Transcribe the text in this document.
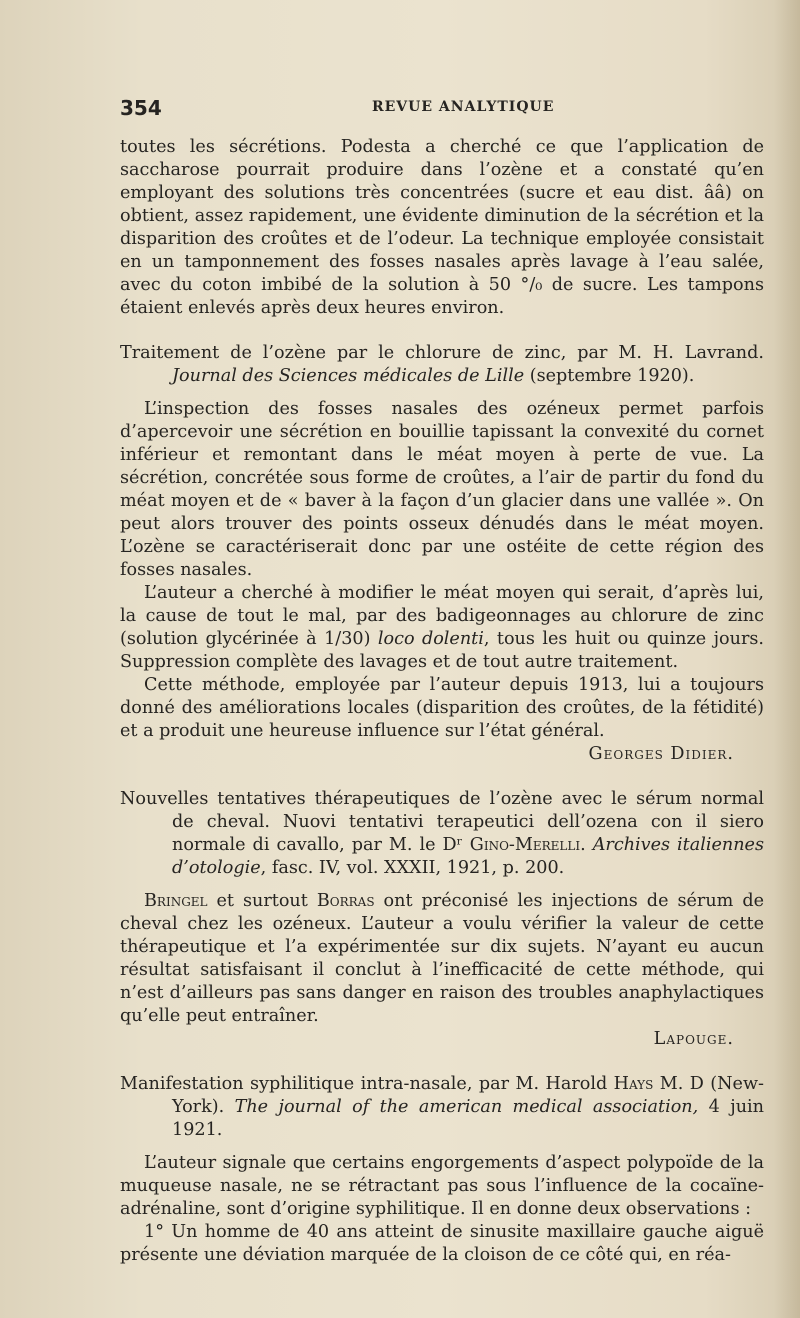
354	REVUE ANALYTIQUE

toutes les sécrétions. Podesta a cherché ce que l’application de saccharose pourrait produire dans l’ozène et a constaté qu’en employant des solutions très concentrées (sucre et eau dist. ââ) on obtient, assez rapidement, une évidente diminution de la sécrétion et la disparition des croûtes et de l’odeur. La technique employée consistait en un tamponnement des fosses nasales après lavage à l’eau salée, avec du coton imbibé de la solution à 50 °/₀ de sucre. Les tampons étaient enlevés après deux heures environ.

Traitement de l’ozène par le chlorure de zinc, par M. H. Lavrand. Journal des Sciences médicales de Lille (septembre 1920).

L’inspection des fosses nasales des ozéneux permet parfois d’apercevoir une sécrétion en bouillie tapissant la convexité du cornet inférieur et remontant dans le méat moyen à perte de vue. La sécrétion, concrétée sous forme de croûtes, a l’air de partir du fond du méat moyen et de « baver à la façon d’un glacier dans une vallée ». On peut alors trouver des points osseux dénudés dans le méat moyen. L’ozène se caractériserait donc par une ostéite de cette région des fosses nasales.

L’auteur a cherché à modifier le méat moyen qui serait, d’après lui, la cause de tout le mal, par des badigeonnages au chlorure de zinc (solution glycérinée à 1/30) loco dolenti, tous les huit ou quinze jours. Suppression complète des lavages et de tout autre traitement.

Cette méthode, employée par l’auteur depuis 1913, lui a toujours donné des améliorations locales (disparition des croûtes, de la fétidité) et a produit une heureuse influence sur l’état général.

Georges Didier.

Nouvelles tentatives thérapeutiques de l’ozène avec le sérum normal de cheval. Nuovi tentativi terapeutici dell’ozena con il siero normale di cavallo, par M. le Dʳ Gino-Merelli. Archives italiennes d’otologie, fasc. IV, vol. XXXII, 1921, p. 200.

Bringel et surtout Borras ont préconisé les injections de sérum de cheval chez les ozéneux. L’auteur a voulu vérifier la valeur de cette thérapeutique et l’a expérimentée sur dix sujets. N’ayant eu aucun résultat satisfaisant il conclut à l’inefficacité de cette méthode, qui n’est d’ailleurs pas sans danger en raison des troubles anaphylactiques qu’elle peut entraîner.

Lapouge.

Manifestation syphilitique intra-nasale, par M. Harold Hays M. D (New-York). The journal of the american medical association, 4 juin 1921.

L’auteur signale que certains engorgements d’aspect polypoïde de la muqueuse nasale, ne se rétractant pas sous l’influence de la cocaïne-adrénaline, sont d’origine syphilitique. Il en donne deux observations :

1° Un homme de 40 ans atteint de sinusite maxillaire gauche aiguë présente une déviation marquée de la cloison de ce côté qui, en réa-
